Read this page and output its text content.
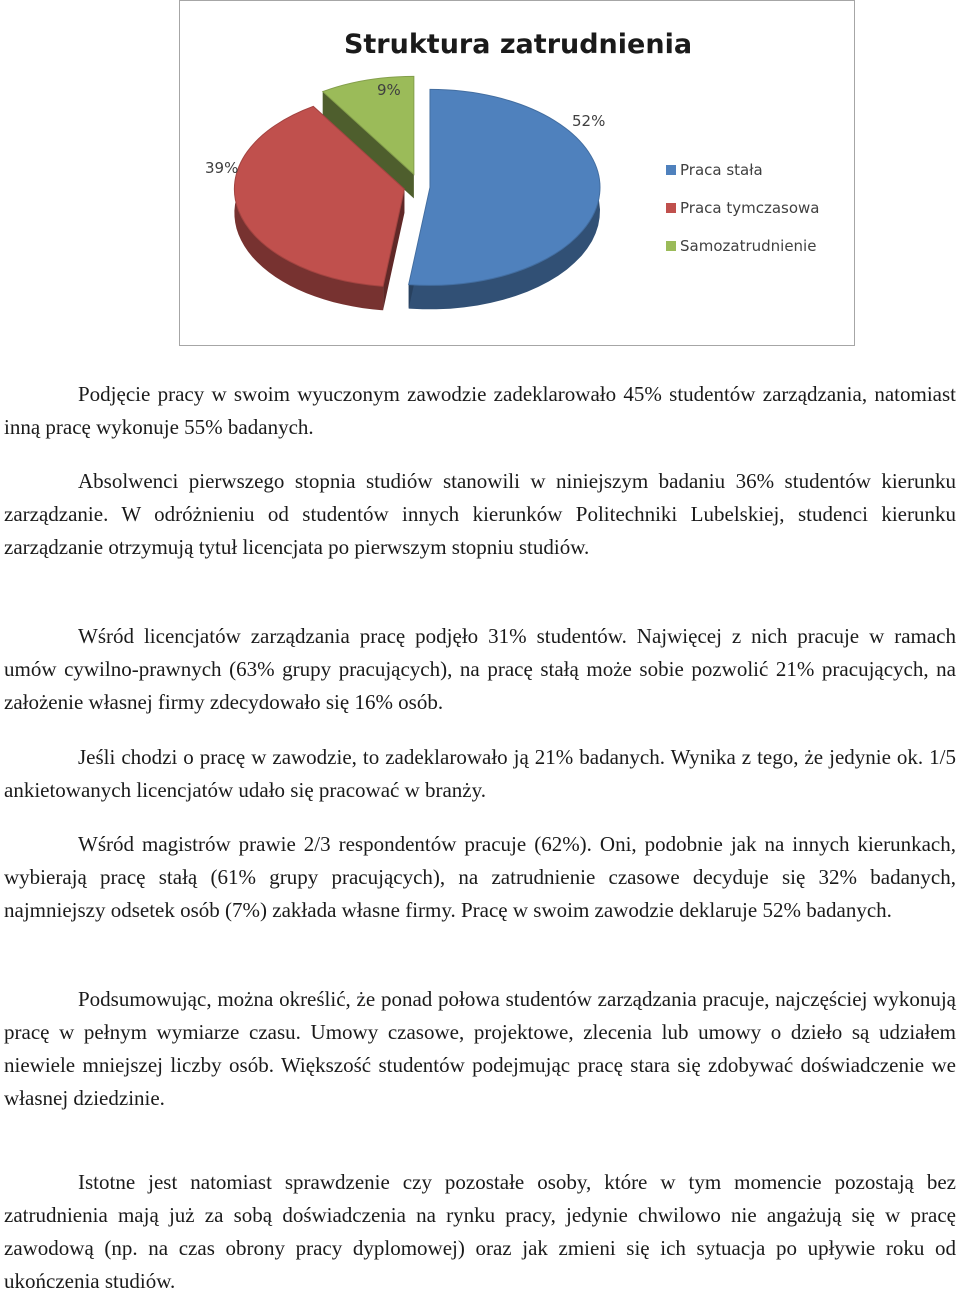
Struktura zatrudnienia
52%
39%
9%
Praca stała
Praca tymczasowa
Samozatrudnienie

Podjęcie pracy w swoim wyuczonym zawodzie zadeklarowało 45% studentów zarządzania, natomiast inną pracę wykonuje 55% badanych.

Absolwenci pierwszego stopnia studiów stanowili w niniejszym badaniu 36% studentów kierunku zarządzanie. W odróżnieniu od studentów innych kierunków Politechniki Lubelskiej, studenci kierunku zarządzanie otrzymują tytuł licencjata po pierwszym stopniu studiów.

Wśród licencjatów zarządzania pracę podjęło 31% studentów. Najwięcej z nich pracuje w ramach umów cywilno-prawnych (63% grupy pracujących), na pracę stałą może sobie pozwolić 21% pracujących, na założenie własnej firmy zdecydowało się 16% osób.

Jeśli chodzi o pracę w zawodzie, to zadeklarowało ją 21% badanych. Wynika z tego, że jedynie ok. 1/5 ankietowanych licencjatów udało się pracować w branży.

Wśród magistrów prawie 2/3 respondentów pracuje (62%). Oni, podobnie jak na innych kierunkach, wybierają pracę stałą (61% grupy pracujących), na zatrudnienie czasowe decyduje się 32% badanych, najmniejszy odsetek osób (7%) zakłada własne firmy. Pracę w swoim zawodzie deklaruje 52% badanych.

Podsumowując, można określić, że ponad połowa studentów zarządzania pracuje, najczęściej wykonują pracę w pełnym wymiarze czasu. Umowy czasowe, projektowe, zlecenia lub umowy o dzieło są udziałem niewiele mniejszej liczby osób. Większość studentów podejmując pracę stara się zdobywać doświadczenie we własnej dziedzinie.

Istotne jest natomiast sprawdzenie czy pozostałe osoby, które w tym momencie pozostają bez zatrudnienia mają już za sobą doświadczenia na rynku pracy, jedynie chwilowo nie angażują się w pracę zawodową (np. na czas obrony pracy dyplomowej) oraz jak zmieni się ich sytuacja po upływie roku od ukończenia studiów.
